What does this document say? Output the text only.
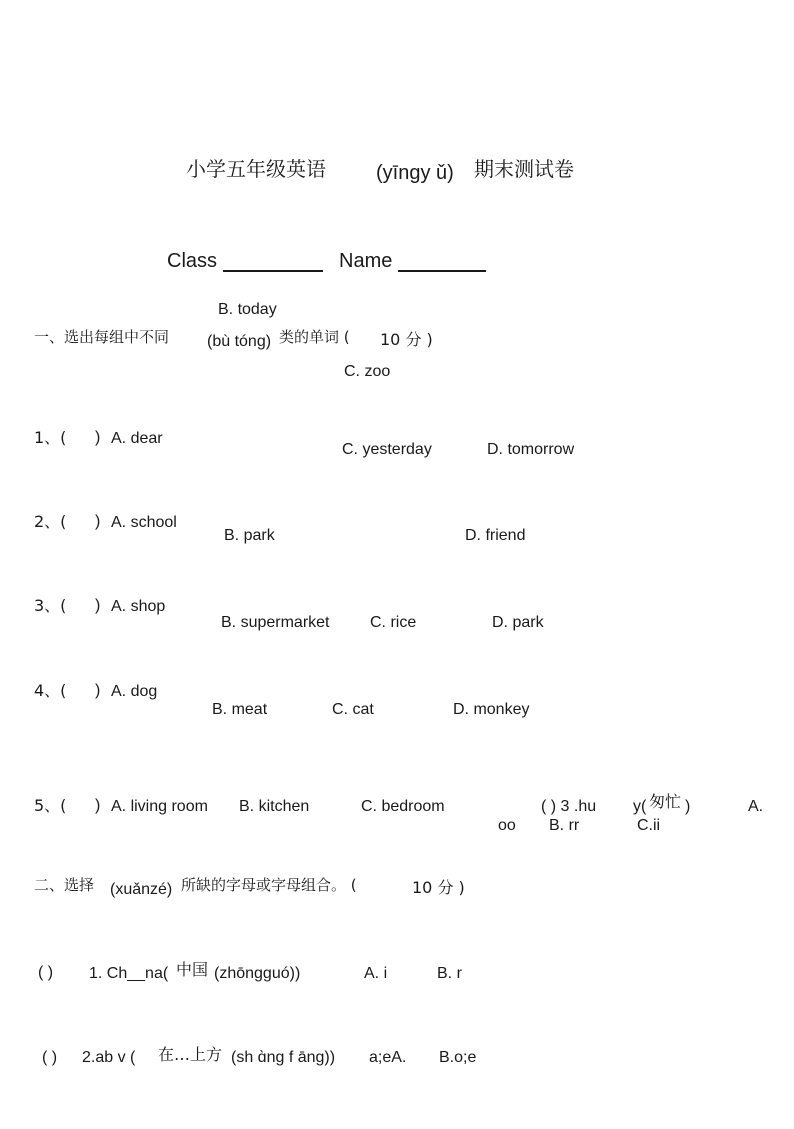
小学五年级英语	(yīngy ǔ) 期末测试卷
Class	Name
B. today
一、选出每组中不同 (bù tóng) 类的单词 ( 10 分 )
C. zoo
1、( ) A. dear
C. yesterday	D. tomorrow
2、( ) A. school
B. park	D. friend
3、( ) A. shop
B. supermarket	C. rice	D. park
4、( ) A. dog
B. meat	C. cat	D. monkey
5、( ) A. living room B. kitchen	C. bedroom	( ) 3 .hu y( 匆忙 )	A.
oo B. rr	C.ii
二、选择 (xuǎnzé) 所缺的字母或字母组合。 (	10 分 )
( ) 1. Ch__na( 中国 (zhōngguó))	A. i	B. r
( ) 2.ab v ( 在…上方 (sh ɑ̀ng f āng)) a;eA. B.o;e
